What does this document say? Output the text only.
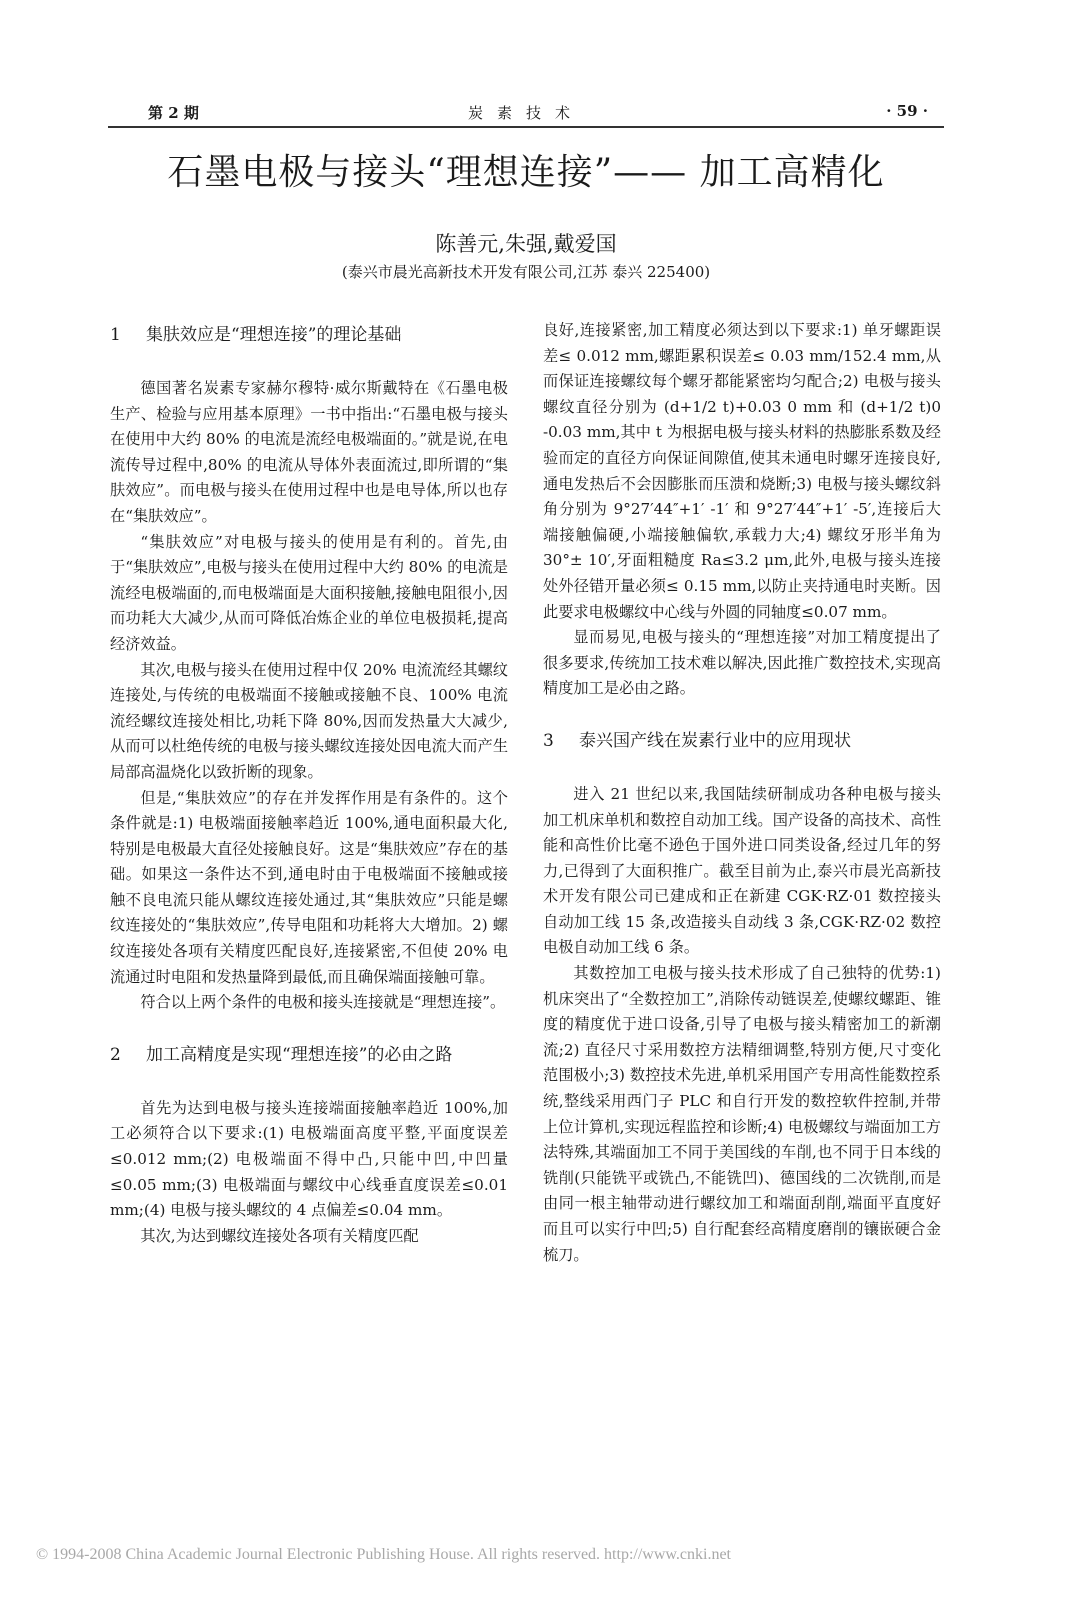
第 2 期	炭素技术	· 59 ·
石墨电极与接头“理想连接”—— 加工高精化
陈善元,朱强,戴爱国
(泰兴市晨光高新技术开发有限公司,江苏 泰兴 225400)
1 集肤效应是“理想连接”的理论基础

德国著名炭素专家赫尔穆特·威尔斯戴特在《石墨电极生产、检验与应用基本原理》一书中指出:“石墨电极与接头在使用中大约 80% 的电流是流经电极端面的。”就是说,在电流传导过程中,80% 的电流从导体外表面流过,即所谓的“集肤效应”。而电极与接头在使用过程中也是电导体,所以也存在“集肤效应”。

“集肤效应”对电极与接头的使用是有利的。首先,由于“集肤效应”,电极与接头在使用过程中大约 80% 的电流是流经电极端面的,而电极端面是大面积接触,接触电阻很小,因而功耗大大减少,从而可降低冶炼企业的单位电极损耗,提高经济效益。

其次,电极与接头在使用过程中仅 20% 电流流经其螺纹连接处,与传统的电极端面不接触或接触不良、100% 电流流经螺纹连接处相比,功耗下降 80%,因而发热量大大减少,从而可以杜绝传统的电极与接头螺纹连接处因电流大而产生局部高温烧化以致折断的现象。

但是,“集肤效应”的存在并发挥作用是有条件的。这个条件就是:1) 电极端面接触率趋近 100%,通电面积最大化,特别是电极最大直径处接触良好。这是“集肤效应”存在的基础。如果这一条件达不到,通电时由于电极端面不接触或接触不良电流只能从螺纹连接处通过,其“集肤效应”只能是螺纹连接处的“集肤效应”,传导电阻和功耗将大大增加。2) 螺纹连接处各项有关精度匹配良好,连接紧密,不但使 20% 电流通过时电阻和发热量降到最低,而且确保端面接触可靠。

符合以上两个条件的电极和接头连接就是“理想连接”。

2 加工高精度是实现“理想连接”的必由之路

首先为达到电极与接头连接端面接触率趋近 100%,加工必须符合以下要求:(1) 电极端面高度平整,平面度误差 ≤0.012 mm;(2) 电极端面不得中凸,只能中凹,中凹量 ≤0.05 mm;(3) 电极端面与螺纹中心线垂直度误差≤0.01 mm;(4) 电极与接头螺纹的 4 点偏差≤0.04 mm。

其次,为达到螺纹连接处各项有关精度匹配

良好,连接紧密,加工精度必须达到以下要求:1) 单牙螺距误差≤ 0.012 mm,螺距累积误差≤ 0.03 mm/152.4 mm,从而保证连接螺纹每个螺牙都能紧密均匀配合;2) 电极与接头螺纹直径分别为 (d+1/2 t)+0.03 0 mm 和 (d+1/2 t)0 -0.03 mm,其中 t 为根据电极与接头材料的热膨胀系数及经验而定的直径方向保证间隙值,使其未通电时螺牙连接良好,通电发热后不会因膨胀而压溃和烧断;3) 电极与接头螺纹斜角分别为 9°27′44″+1′ -1′ 和 9°27′44″+1′ -5′,连接后大端接触偏硬,小端接触偏软,承载力大;4) 螺纹牙形半角为 30°± 10′,牙面粗糙度 Ra≤3.2 μm,此外,电极与接头连接处外径错开量必须≤ 0.15 mm,以防止夹持通电时夹断。因此要求电极螺纹中心线与外圆的同轴度≤0.07 mm。

显而易见,电极与接头的“理想连接”对加工精度提出了很多要求,传统加工技术难以解决,因此推广数控技术,实现高精度加工是必由之路。

3 泰兴国产线在炭素行业中的应用现状

进入 21 世纪以来,我国陆续研制成功各种电极与接头加工机床单机和数控自动加工线。国产设备的高技术、高性能和高性价比毫不逊色于国外进口同类设备,经过几年的努力,已得到了大面积推广。截至目前为止,泰兴市晨光高新技术开发有限公司已建成和正在新建 CGK·RZ·01 数控接头自动加工线 15 条,改造接头自动线 3 条,CGK·RZ·02 数控电极自动加工线 6 条。

其数控加工电极与接头技术形成了自己独特的优势:1) 机床突出了“全数控加工”,消除传动链误差,使螺纹螺距、锥度的精度优于进口设备,引导了电极与接头精密加工的新潮流;2) 直径尺寸采用数控方法精细调整,特别方便,尺寸变化范围极小;3) 数控技术先进,单机采用国产专用高性能数控系统,整线采用西门子 PLC 和自行开发的数控软件控制,并带上位计算机,实现远程监控和诊断;4) 电极螺纹与端面加工方法特殊,其端面加工不同于美国线的车削,也不同于日本线的铣削(只能铣平或铣凸,不能铣凹)、德国线的二次铣削,而是由同一根主轴带动进行螺纹加工和端面刮削,端面平直度好而且可以实行中凹;5) 自行配套经高精度磨削的镶嵌硬合金梳刀。

© 1994-2008 China Academic Journal Electronic Publishing House. All rights reserved. http://www.cnki.net
